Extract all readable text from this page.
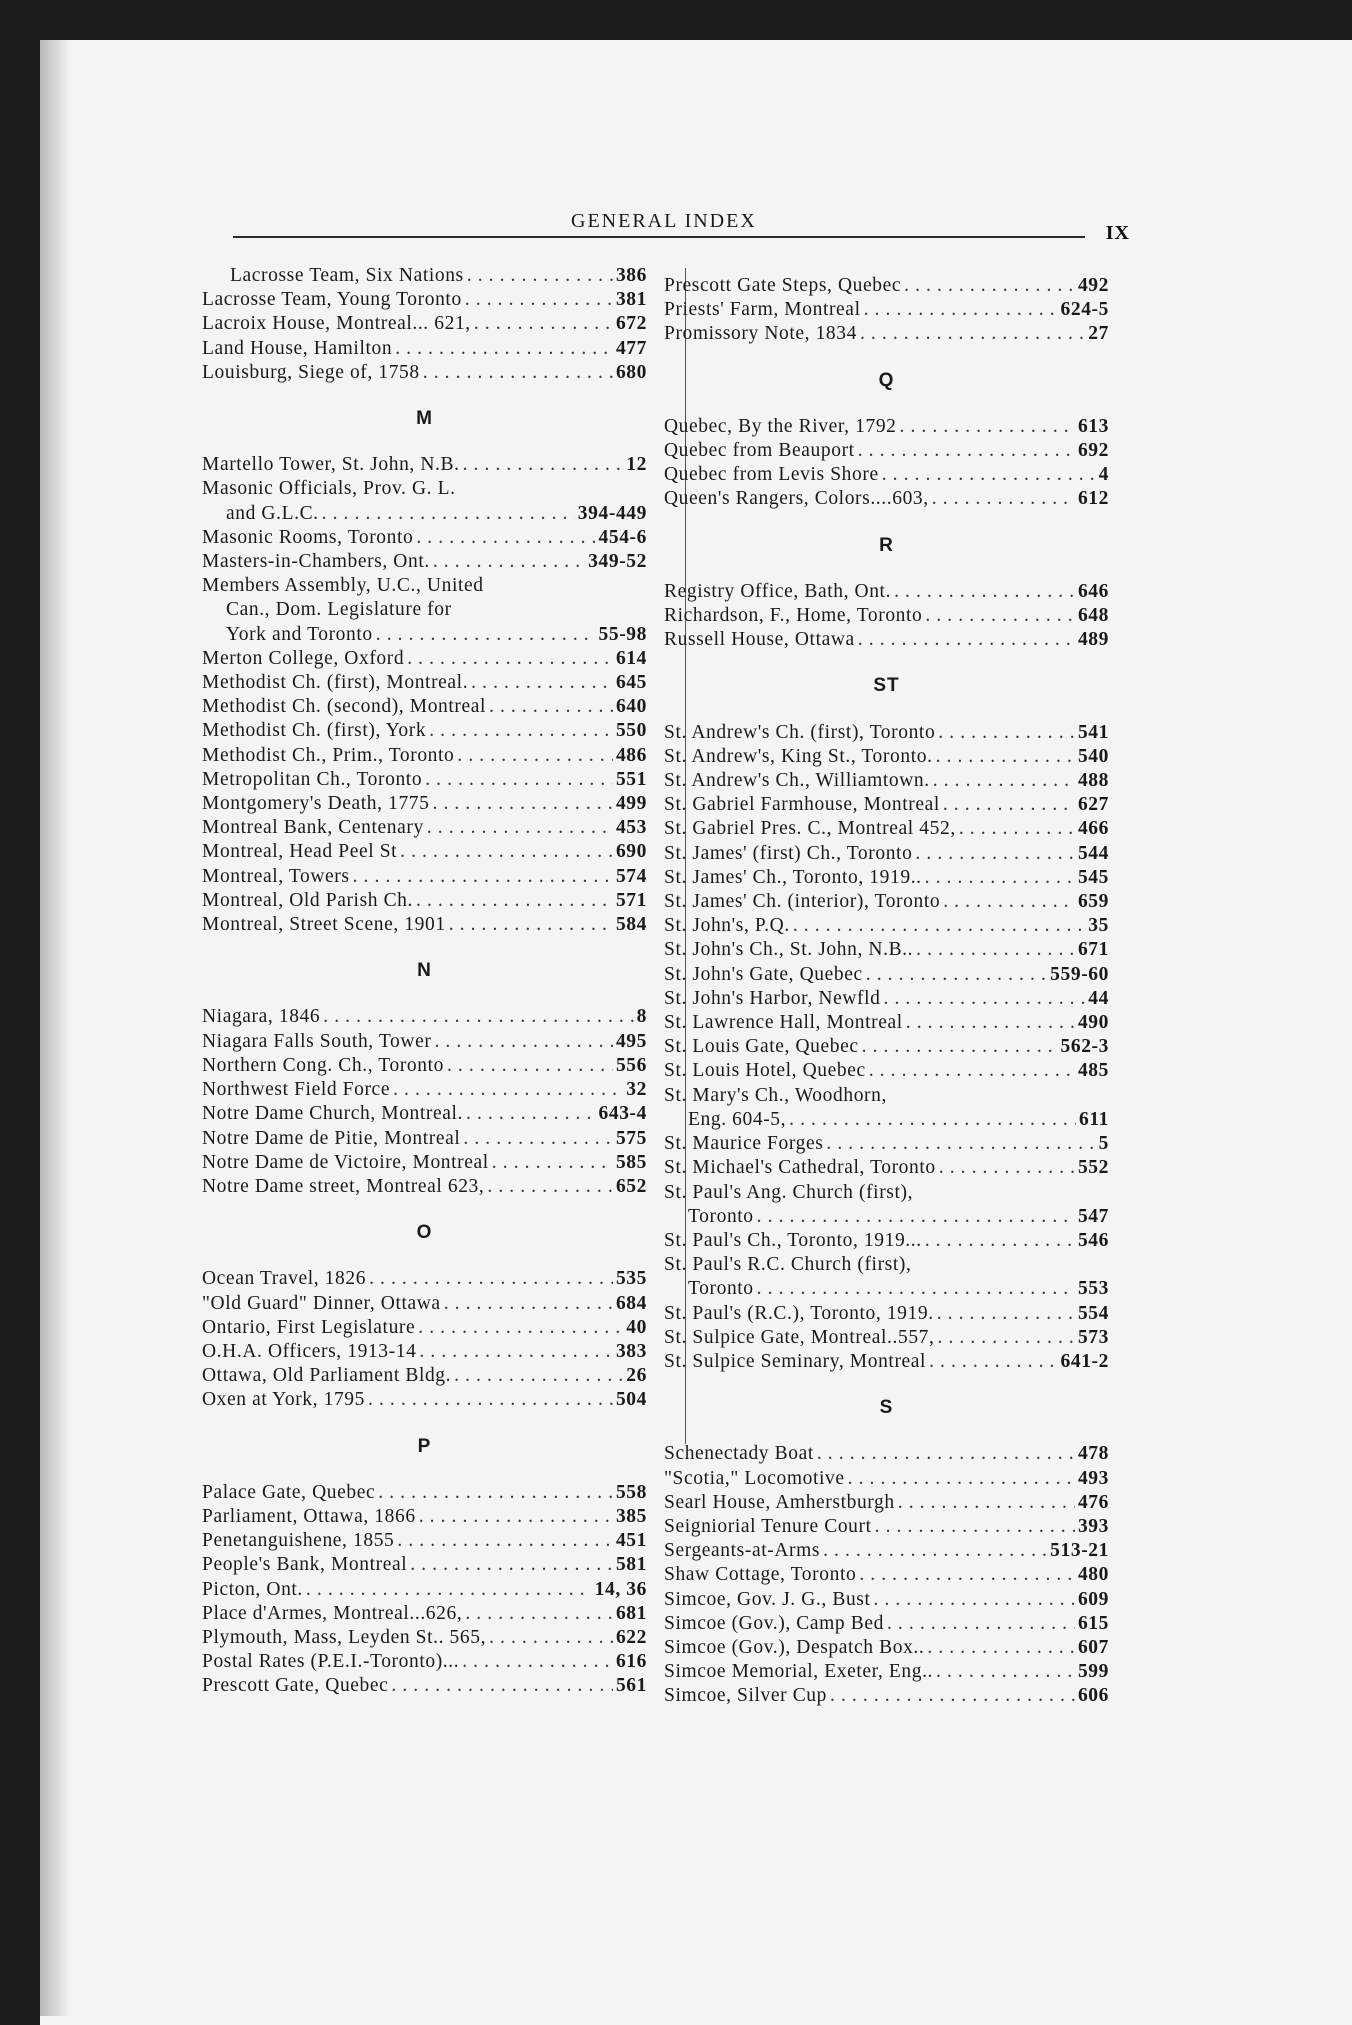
GENERAL INDEX
IX
Lacrosse Team, Six Nations . . .	386
Lacrosse Team, Young Toronto . . .	381
Lacroix House, Montreal... 621, . . .	672
Land House, Hamilton . . .	477
Louisburg, Siege of, 1758 . . .	680
M
Martello Tower, St. John, N.B. . . .	12
Masonic Officials, Prov. G. L.
and G.L.C. . . .	394-449
Masonic Rooms, Toronto . . .	454-6
Masters-in-Chambers, Ont. . . .	349-52
Members Assembly, U.C., United
Can., Dom. Legislature for
York and Toronto . . .	55-98
Merton College, Oxford . . .	614
Methodist Ch. (first), Montreal. . . .	645
Methodist Ch. (second), Montreal . . .	640
Methodist Ch. (first), York . . .	550
Methodist Ch., Prim., Toronto . . .	486
Metropolitan Ch., Toronto . . .	551
Montgomery's Death, 1775 . . .	499
Montreal Bank, Centenary . . .	453
Montreal, Head Peel St . . .	690
Montreal, Towers . . .	574
Montreal, Old Parish Ch. . . .	571
Montreal, Street Scene, 1901 . . .	584
N
Niagara, 1846 . . .	8
Niagara Falls South, Tower . . .	495
Northern Cong. Ch., Toronto . . .	556
Northwest Field Force . . .	32
Notre Dame Church, Montreal. . . .	643-4
Notre Dame de Pitie, Montreal . . .	575
Notre Dame de Victoire, Montreal . . .	585
Notre Dame street, Montreal 623, . . .	652
O
Ocean Travel, 1826 . . .	535
"Old Guard" Dinner, Ottawa . . .	684
Ontario, First Legislature . . .	40
O.H.A. Officers, 1913-14 . . .	383
Ottawa, Old Parliament Bldg. . . .	26
Oxen at York, 1795 . . .	504
P
Palace Gate, Quebec . . .	558
Parliament, Ottawa, 1866 . . .	385
Penetanguishene, 1855 . . .	451
People's Bank, Montreal . . .	581
Picton, Ont. . . .	14, 36
Place d'Armes, Montreal...626, . . .	681
Plymouth, Mass, Leyden St.. 565, . . .	622
Postal Rates (P.E.I.-Toronto)... . . .	616
Prescott Gate, Quebec . . .	561
Prescott Gate Steps, Quebec . . .	492
Priests' Farm, Montreal . . .	624-5
Promissory Note, 1834 . . .	27
Q
Quebec, By the River, 1792 . . .	613
Quebec from Beauport . . .	692
Quebec from Levis Shore . . .	4
Queen's Rangers, Colors....603, . . .	612
R
Registry Office, Bath, Ont. . . .	646
Richardson, F., Home, Toronto . . .	648
Russell House, Ottawa . . .	489
ST
St. Andrew's Ch. (first), Toronto . . .	541
St. Andrew's, King St., Toronto. . . .	540
St. Andrew's Ch., Williamtown. . . .	488
St. Gabriel Farmhouse, Montreal . . .	627
St. Gabriel Pres. C., Montreal 452, . . .	466
St. James' (first) Ch., Toronto . . .	544
St. James' Ch., Toronto, 1919.. . . .	545
St. James' Ch. (interior), Toronto . . .	659
St. John's, P.Q. . . .	35
St. John's Ch., St. John, N.B.. . . .	671
St. John's Gate, Quebec . . .	559-60
St. John's Harbor, Newfld . . .	44
St. Lawrence Hall, Montreal . . .	490
St. Louis Gate, Quebec . . .	562-3
St. Louis Hotel, Quebec . . .	485
St. Mary's Ch., Woodhorn,
Eng. 604-5, . . .	611
St. Maurice Forges . . .	5
St. Michael's Cathedral, Toronto . . .	552
St. Paul's Ang. Church (first),
Toronto . . .	547
St. Paul's Ch., Toronto, 1919... . . .	546
St. Paul's R.C. Church (first),
Toronto . . .	553
St. Paul's (R.C.), Toronto, 1919. . . .	554
St. Sulpice Gate, Montreal..557, . . .	573
St. Sulpice Seminary, Montreal . . .	641-2
S
Schenectady Boat . . .	478
"Scotia," Locomotive . . .	493
Searl House, Amherstburgh . . .	476
Seigniorial Tenure Court . . .	393
Sergeants-at-Arms . . .	513-21
Shaw Cottage, Toronto . . .	480
Simcoe, Gov. J. G., Bust . . .	609
Simcoe (Gov.), Camp Bed . . .	615
Simcoe (Gov.), Despatch Box.. . . .	607
Simcoe Memorial, Exeter, Eng.. . . .	599
Simcoe, Silver Cup . . .	606
